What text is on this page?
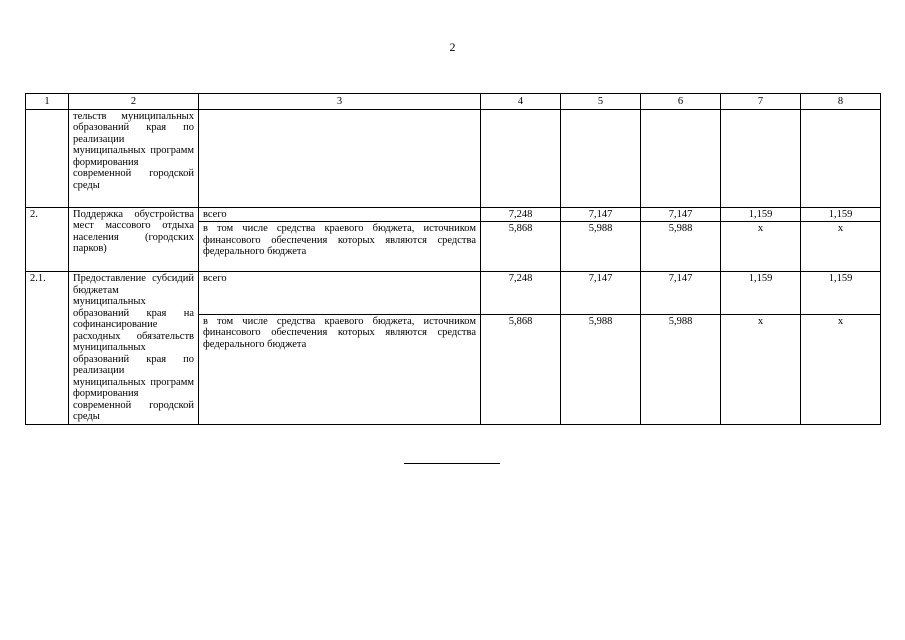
2
1	2	3	4	5	6	7	8
	тельств муниципальных образований края по реализации муниципальных программ формирования современной городской среды						
2.	Поддержка обустройства мест массового отдыха населения (городских парков)	всего	7,248	7,147	7,147	1,159	1,159
		в том числе средства краевого бюджета, источником финансового обеспечения которых являются средства федерального бюджета	5,868	5,988	5,988	х	х
2.1.	Предоставление субсидий бюджетам муниципальных образований края на софинансирование расходных обязательств муниципальных образований края по реализации муниципальных программ формирования современной городской среды	всего	7,248	7,147	7,147	1,159	1,159
		в том числе средства краевого бюджета, источником финансового обеспечения которых являются средства федерального бюджета	5,868	5,988	5,988	х	х
